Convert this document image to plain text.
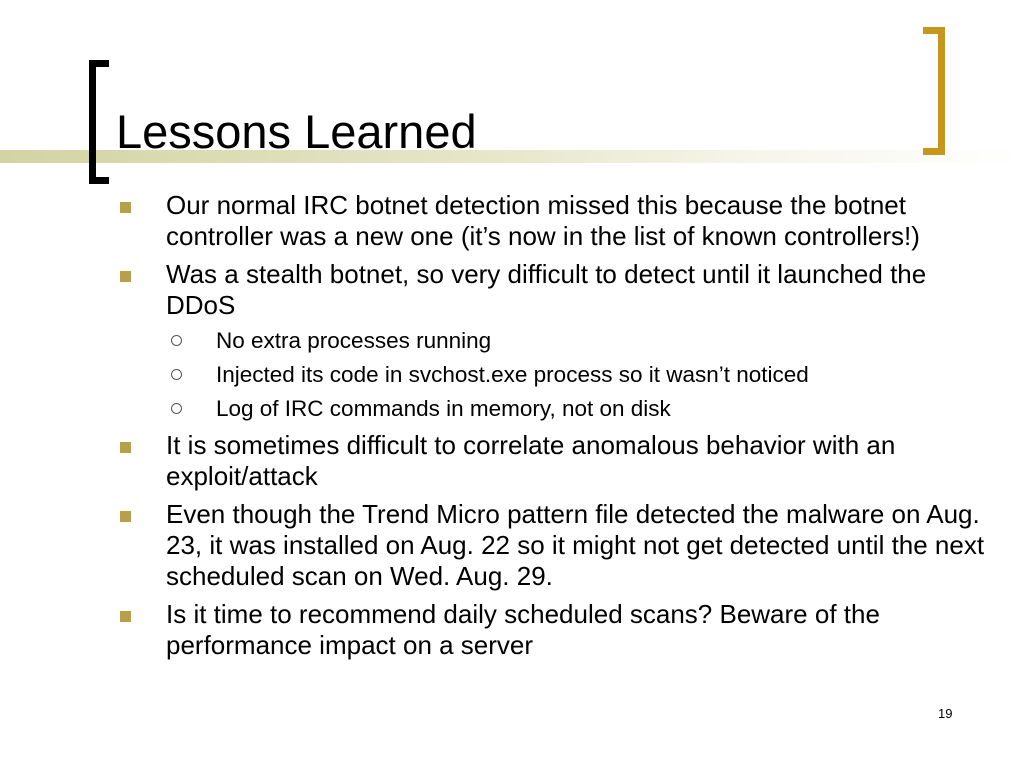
Lessons Learned
Our normal IRC botnet detection missed this because the botnet controller was a new one (it’s now in the list of known controllers!)
Was a stealth botnet, so very difficult to detect until it launched the DDoS
No extra processes running
Injected its code in svchost.exe process so it wasn’t noticed
Log of IRC commands in memory, not on disk
It is sometimes difficult to correlate anomalous behavior with an exploit/attack
Even though the Trend Micro pattern file detected the malware on Aug. 23, it was installed on Aug. 22 so it might not get detected until the next scheduled scan on Wed. Aug. 29.
Is it time to recommend daily scheduled scans? Beware of the performance impact on a server
19
